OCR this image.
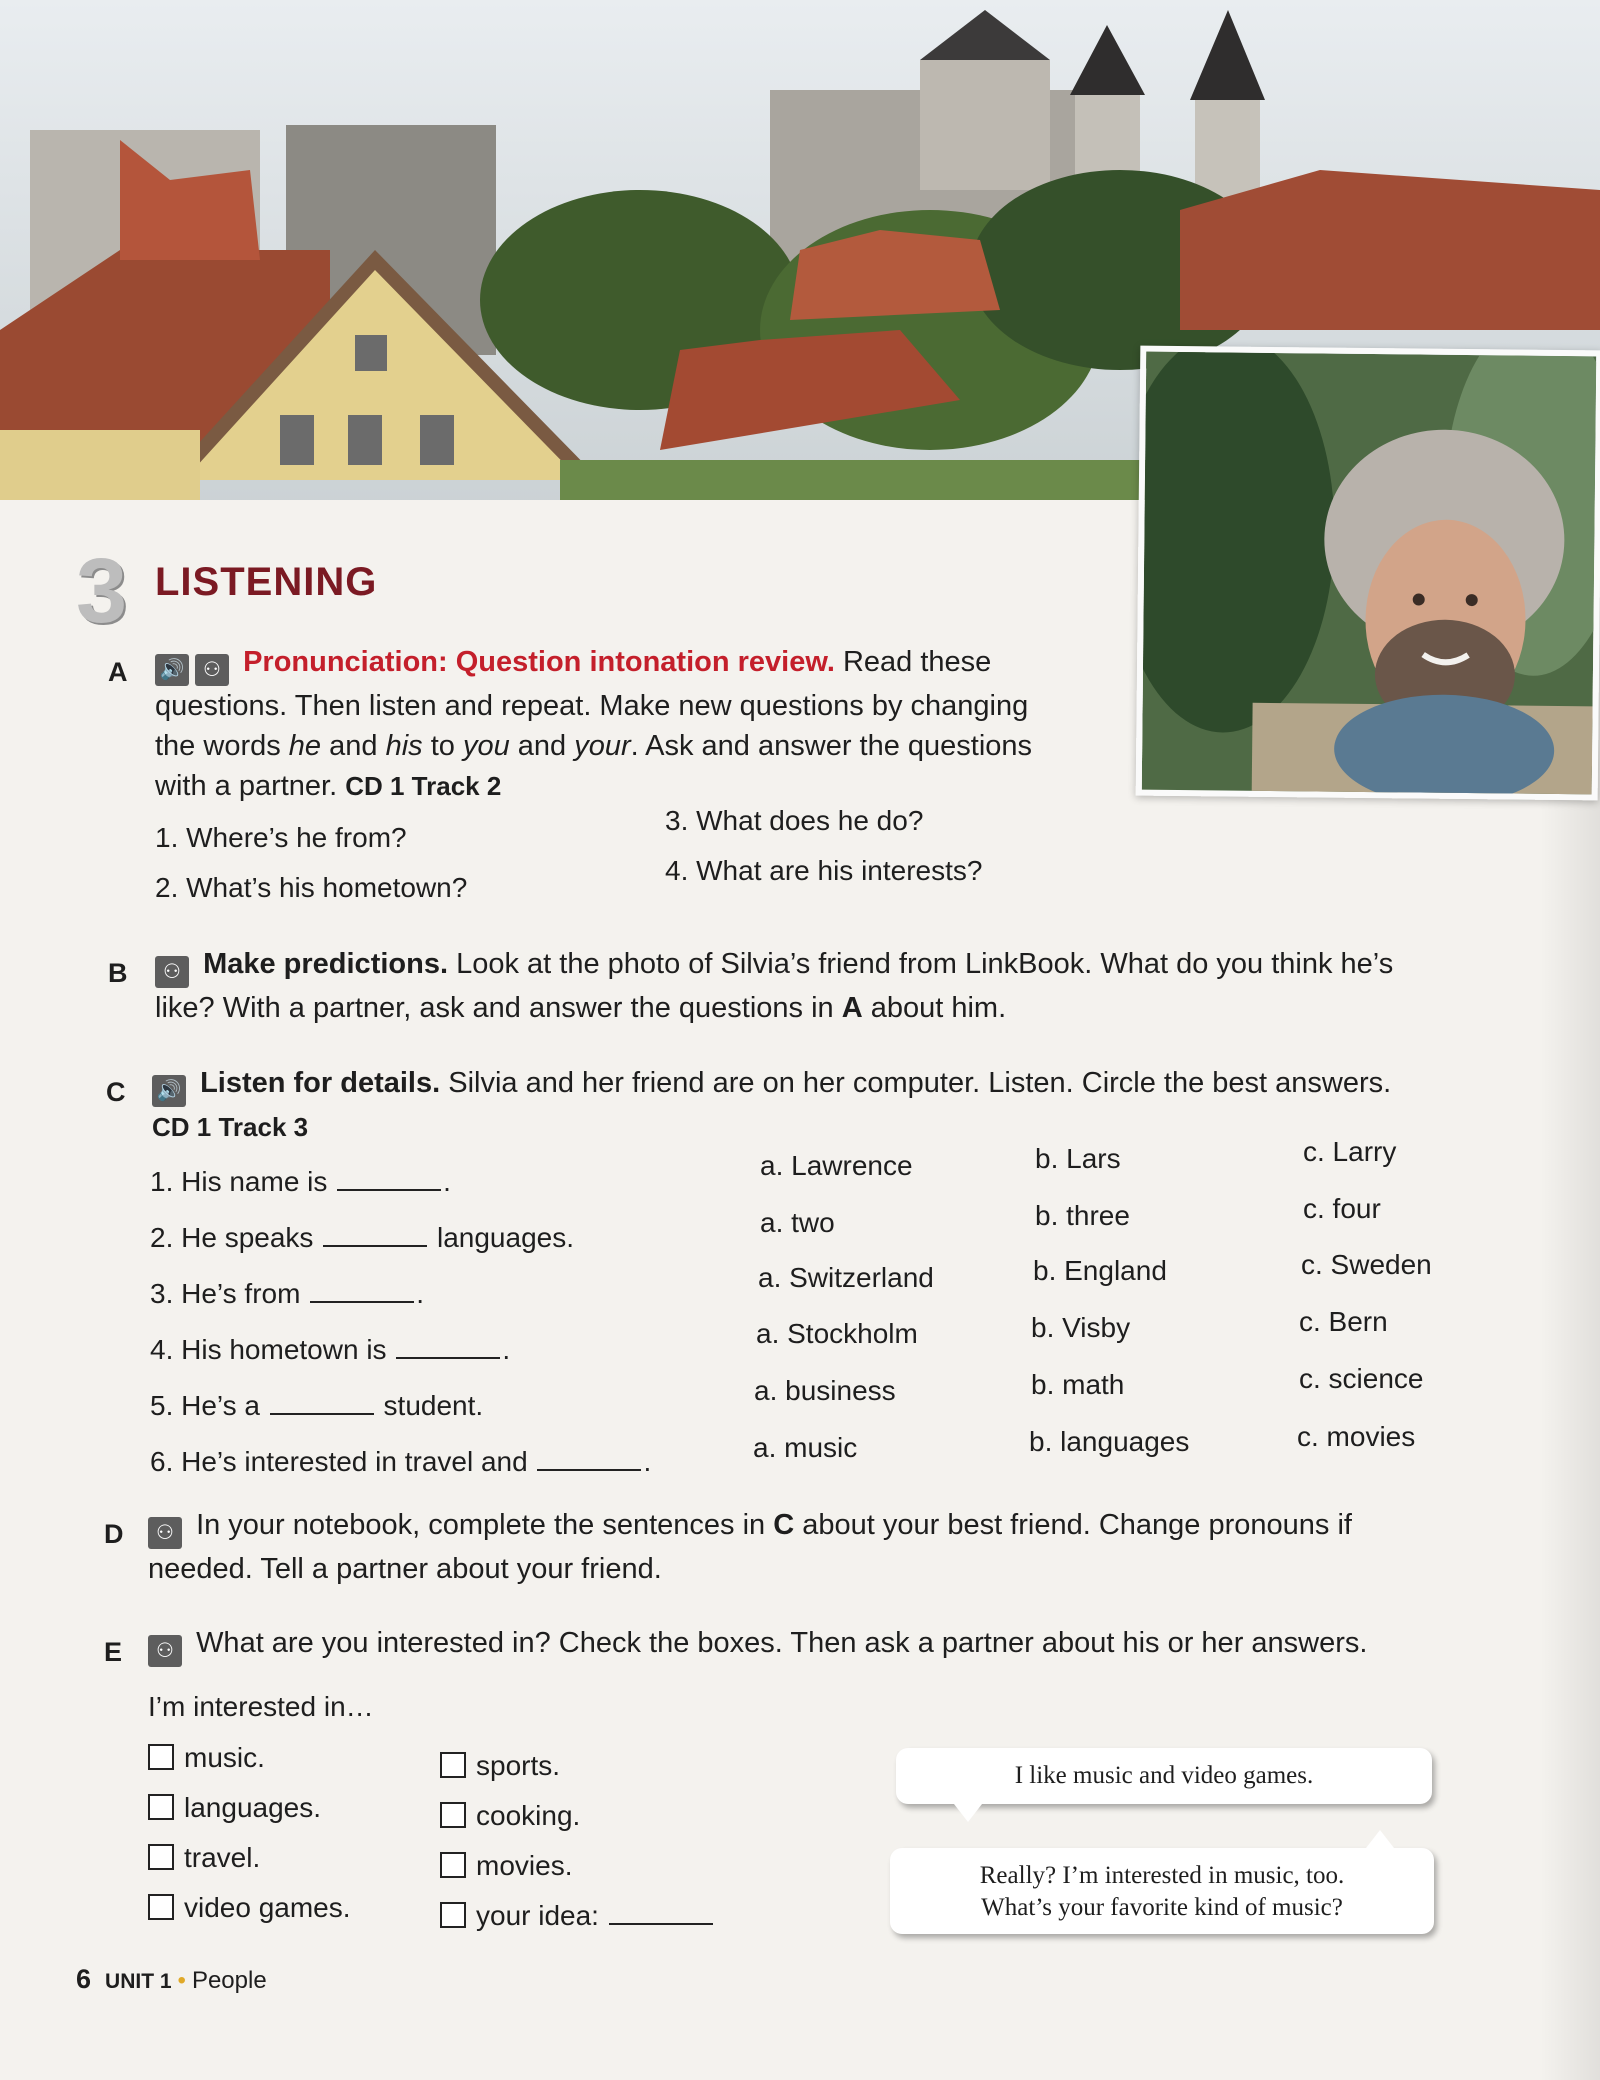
3 LISTENING
A 🔊 ⚇ Pronunciation: Question intonation review. Read these
questions. Then listen and repeat. Make new questions by changing
the words he and his to you and your. Ask and answer the questions
with a partner. CD 1 Track 2
1. Where’s he from?
2. What’s his hometown?
3. What does he do?
4. What are his interests?
B	⚇ Make predictions. Look at the photo of Silvia’s friend from LinkBook. What do you think he’s
like? With a partner, ask and answer the questions in A about him.
C 🔊 Listen for details. Silvia and her friend are on her computer. Listen. Circle the best answers.
CD 1 Track 3
1. His name is	.
2. He speaks	languages.
3. He’s from	.
4. His hometown is	.
5. He’s a	student.
6. He’s interested in travel and	.
a. Lawrence	b. Lars	c. Larry
a. two	b. three	c. four
a. Switzerland	b. England	c. Sweden
a. Stockholm	b. Visby	c. Bern
a. business	b. math	c. science
a. music	b. languages	c. movies
D	⚇ In your notebook, complete the sentences in C about your best friend. Change pronouns if
needed. Tell a partner about your friend.
E	⚇ What are you interested in? Check the boxes. Then ask a partner about his or her answers.
I’m interested in…
music.
languages.
travel.
video games.
sports.
cooking.
movies.
your idea:
I like music and video games.
Really? I’m interested in music, too.
What’s your favorite kind of music?
6 UNIT 1 • People
